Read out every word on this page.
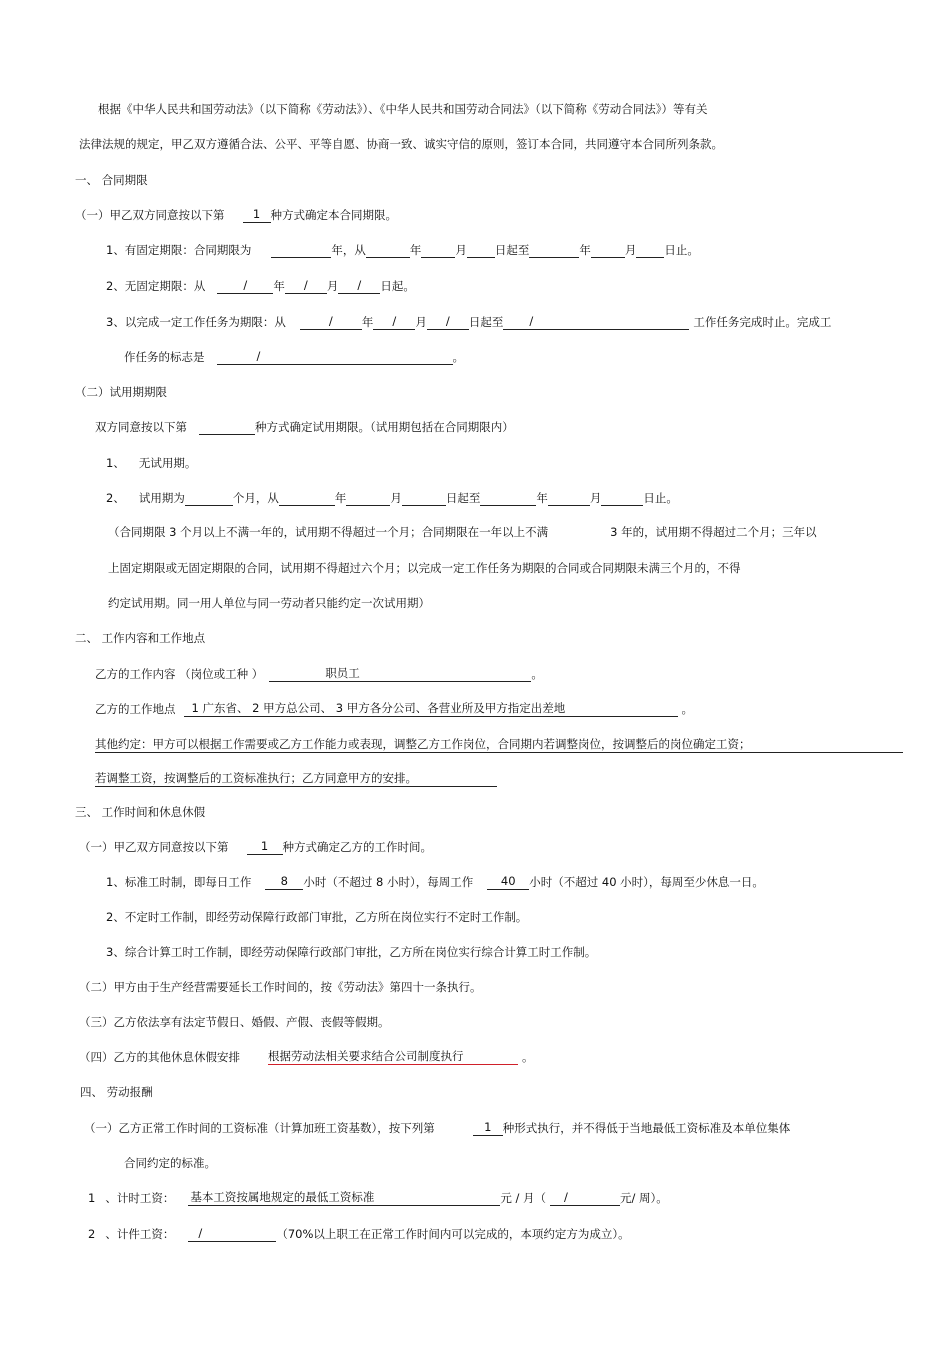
根据《中华人民共和国劳动法》（以下简称《劳动法》）、《中华人民共和国劳动合同法》（以下简称《劳动合同法》）等有关
法律法规的规定，甲乙双方遵循合法、公平、平等自愿、协商一致、诚实守信的原则，签订本合同，共同遵守本合同所列条款。
一、 合同期限
（一）甲乙双方同意按以下第 1 种方式确定本合同期限。
1、有固定期限：合同期限为	年，从	年	月 日起至	年	月 日止。
2、无固定期限：从	/ 年 / 月 / 日起。
3、以完成一定工作任务为期限：从	/	年 / 月 / 日起至 /	工作任务完成时止。完成工
作任务的标志是	/	。
（二）试用期期限
双方同意按以下第	种方式确定试用期限。（试用期包括在合同期限内）
1、 无试用期。
2、 试用期为	个月，从	年	月	日起至	年	月	日止。
（合同期限 3 个月以上不满一年的，试用期不得超过一个月；合同期限在一年以上不满	3 年的，试用期不得超过二个月；三年以
上固定期限或无固定期限的合同，试用期不得超过六个月；以完成一定工作任务为期限的合同或合同期限未满三个月的，不得
约定试用期。同一用人单位与同一劳动者只能约定一次试用期）
二、 工作内容和工作地点
乙方的工作内容 （岗位或工种 ）	职员工	。
乙方的工作地点 1 广东省、 2 甲方总公司、 3 甲方各分公司、各营业所及甲方指定出差地	。
其他约定：甲方可以根据工作需要或乙方工作能力或表现，调整乙方工作岗位，合同期内若调整岗位，按调整后的岗位确定工资；
若调整工资，按调整后的工资标准执行；乙方同意甲方的安排。
三、 工作时间和休息休假
（一）甲乙双方同意按以下第	1 种方式确定乙方的工作时间。
1、标准工时制，即每日工作	8 小时（不超过 8 小时），每周工作 40 小时（不超过 40 小时），每周至少休息一日。
2、不定时工作制，即经劳动保障行政部门审批，乙方所在岗位实行不定时工作制。
3、综合计算工时工作制，即经劳动保障行政部门审批，乙方所在岗位实行综合计算工时工作制。
（二）甲方由于生产经营需要延长工作时间的，按《劳动法》第四十一条执行。
（三）乙方依法享有法定节假日、婚假、产假、丧假等假期。
（四）乙方的其他休息休假安排 根据劳动法相关要求结合公司制度执行	。
四、 劳动报酬
（一）乙方正常工作时间的工资标准（计算加班工资基数），按下列第	1 种形式执行，并不得低于当地最低工资标准及本单位集体
合同约定的标准。
1 、计时工资： 基本工资按属地规定的最低工资标准	元 / 月（ /	元/ 周）。
2 、计件工资： /	（70%以上职工在正常工作时间内可以完成的，本项约定方为成立）。
